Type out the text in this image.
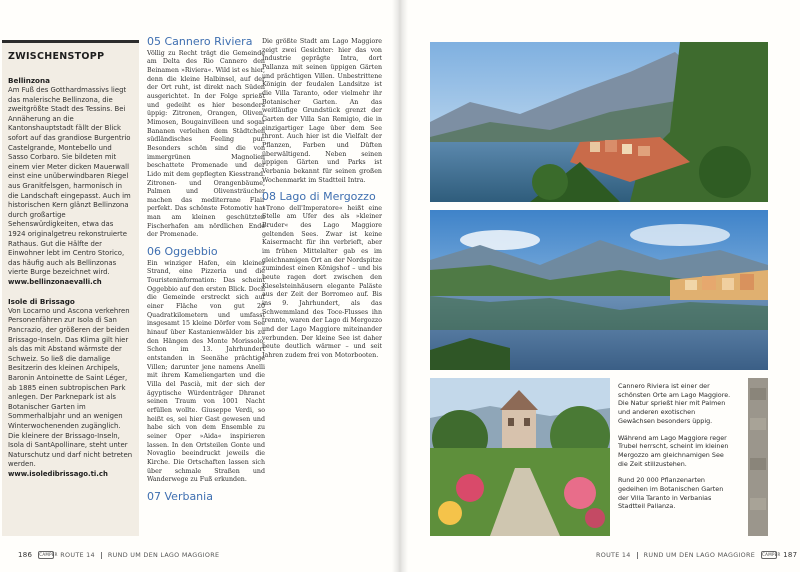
ZWISCHENSTOPP
Bellinzona
Am Fuß des Gotthardmassivs liegt das malerische Bellinzona, die zweitgrößte Stadt des Tessins. Bei Annäherung an die Kantonshauptstadt fällt der Blick sofort auf das grandiose Burgentrio Castelgrande, Montebello und Sasso Corbaro. Sie bildeten mit einem vier Meter dicken Mauerwall einst eine unüberwindbaren Riegel aus Granitfelsgen, harmonisch in die Landschaft eingepasst. Auch im historischen Kern glänzt Bellinzona durch großartige Sehenswürdigkeiten, etwa das 1924 originalgetreu rekonstruierte Rathaus. Gut die Hälfte der Einwohner lebt im Centro Storico, das häufig auch als Bellinzonas vierte Burge bezeichnet wird.
www.bellinzonaevalli.ch
Isole di Brissago
Von Locarno und Ascona verkehren Personenfähren zur Isola di San Pancrazio, der größeren der beiden Brissago-Inseln. Das Klima gilt hier als das mit Abstand wärmste der Schweiz. So ließ die damalige Besitzerin des kleinen Archipels, Baronin Antoinette de Saint Léger, ab 1885 einen subtropischen Park anlegen. Der Parknepark ist als Botanischer Garten im Sommerhalbjahr und an wenigen Winterwochenenden zugänglich. Die kleinere der Brissago-Inseln, Isola di SantApollinare, steht unter Naturschutz und darf nicht betreten werden.
www.isoledibrissago.ti.ch
05 Cannero Riviera

Völlig zu Recht trägt die Gemeinde am Delta des Rio Cannero den Beinamen »Riviera«. Wild ist es hier, denn die kleine Halbinsel, auf der der Ort ruht, ist direkt nach Süden ausgerichtet. In der Folge sprießt und gedeiht es hier besonders üppig: Zitronen, Orangen, Oliven, Mimosen, Bougainvilleen und sogar Bananen verleihen dem Städtchen südländisches Feeling pur. Besonders schön sind die von immergrünen Magnolien beschattete Promenade und der Lido mit dem gepflegten Kiesstrand. Zitronen- und Orangenbäume, Palmen und Olivensträucher machen das mediterrane Flair perfekt. Das schönste Fotomotiv hat man am kleinen geschützten Fischerhafen am nördlichen Ende der Promenade.

06 Oggebbio

Ein winziger Hafen, ein kleiner Strand, eine Pizzeria und die Touristeninformation: Das scheint Oggebbio auf den ersten Blick. Doch die Gemeinde erstreckt sich auf einer Fläche von gut 20 Quadratkilometern und umfasst insgesamt 15 kleine Dörfer vom See hinauf über Kastanienwälder bis zu den Hängen des Monte Morissolo. Schon im 13. Jahrhundert entstanden in Seenähe prächtige Villen; darunter jene namens Anelli mit ihrem Kameliengarten und die Villa del Pascià, mit der sich der ägyptische Würdenträger Dhranet seinen Traum von 1001 Nacht erfüllen wollte. Giuseppe Verdi, so heißt es, sei hier Gast gewesen und habe sich von dem Ensemble zu seiner Oper »Aida« inspirieren lassen. In den Ortsteilen Gonte und Novaglio beeindruckt jeweils die Kirche. Die Ortschaften lassen sich über schmale Straßen und Wanderwege zu Fuß erkunden.

07 Verbania

Die größte Stadt am Lago Maggiore zeigt zwei Gesichter: hier das von Industrie geprägte Intra, dort Pallanza mit seinen üppigen Gärten und prächtigen Villen. Unbestrittene Königin der feudalen Landsitze ist die Villa Taranto, oder vielmehr ihr Botanischer Garten. An das weitläufige Grundstück grenzt der Garten der Villa San Remigio, die in einzigartiger Lage über dem See thront. Auch hier ist die Vielfalt der Pflanzen, Farben und Düften überwältigend. Neben seinen üppigen Gärten und Parks ist Verbania bekannt für seinen großen Wochenmarkt im Stadtteil Intra.

08 Lago di Mergozzo

»Trono dell'Imperatore« heißt eine Stelle am Ufer des als »kleiner Bruder« des Lago Maggiore geltenden Sees. Zwar ist keine Kaisermacht für ihn verbrieft, aber im frühen Mittelalter gab es im gleichnamigen Ort an der Nordspitze zumindest einen Königshof – und bis heute ragen dort zwischen den Kieselsteinhäusern elegante Paläste aus der Zeit der Borromeo auf. Bis ins 9. Jahrhundert, als das Schwemmland des Toce-Flusses ihn trennte, waren der Lago di Mergozzo und der Lago Maggiore miteinander verbunden. Der kleine See ist daher heute deutlich wärmer – und seit Jahren zudem frei von Motorbooten.

Cannero Riviera ist einer der schönsten Orte am Lago Maggiore. Die Natur sprießt hier mit Palmen und anderen exotischen Gewächsen besonders üppig.

Während am Lago Maggiore reger Trubel herrscht, scheint im kleinen Mergozzo am gleichnamigen See die Zeit stillzustehen.

Rund 20 000 Pflanzenarten gedeihen im Botanischen Garten der Villa Taranto in Verbanias Stadtteil Pallanza.

186 CAMPER ROUTE 14 RUND UM DEN LAGO MAGGIORE	ROUTE 14 RUND UM DEN LAGO MAGGIORE CAMPER 187
